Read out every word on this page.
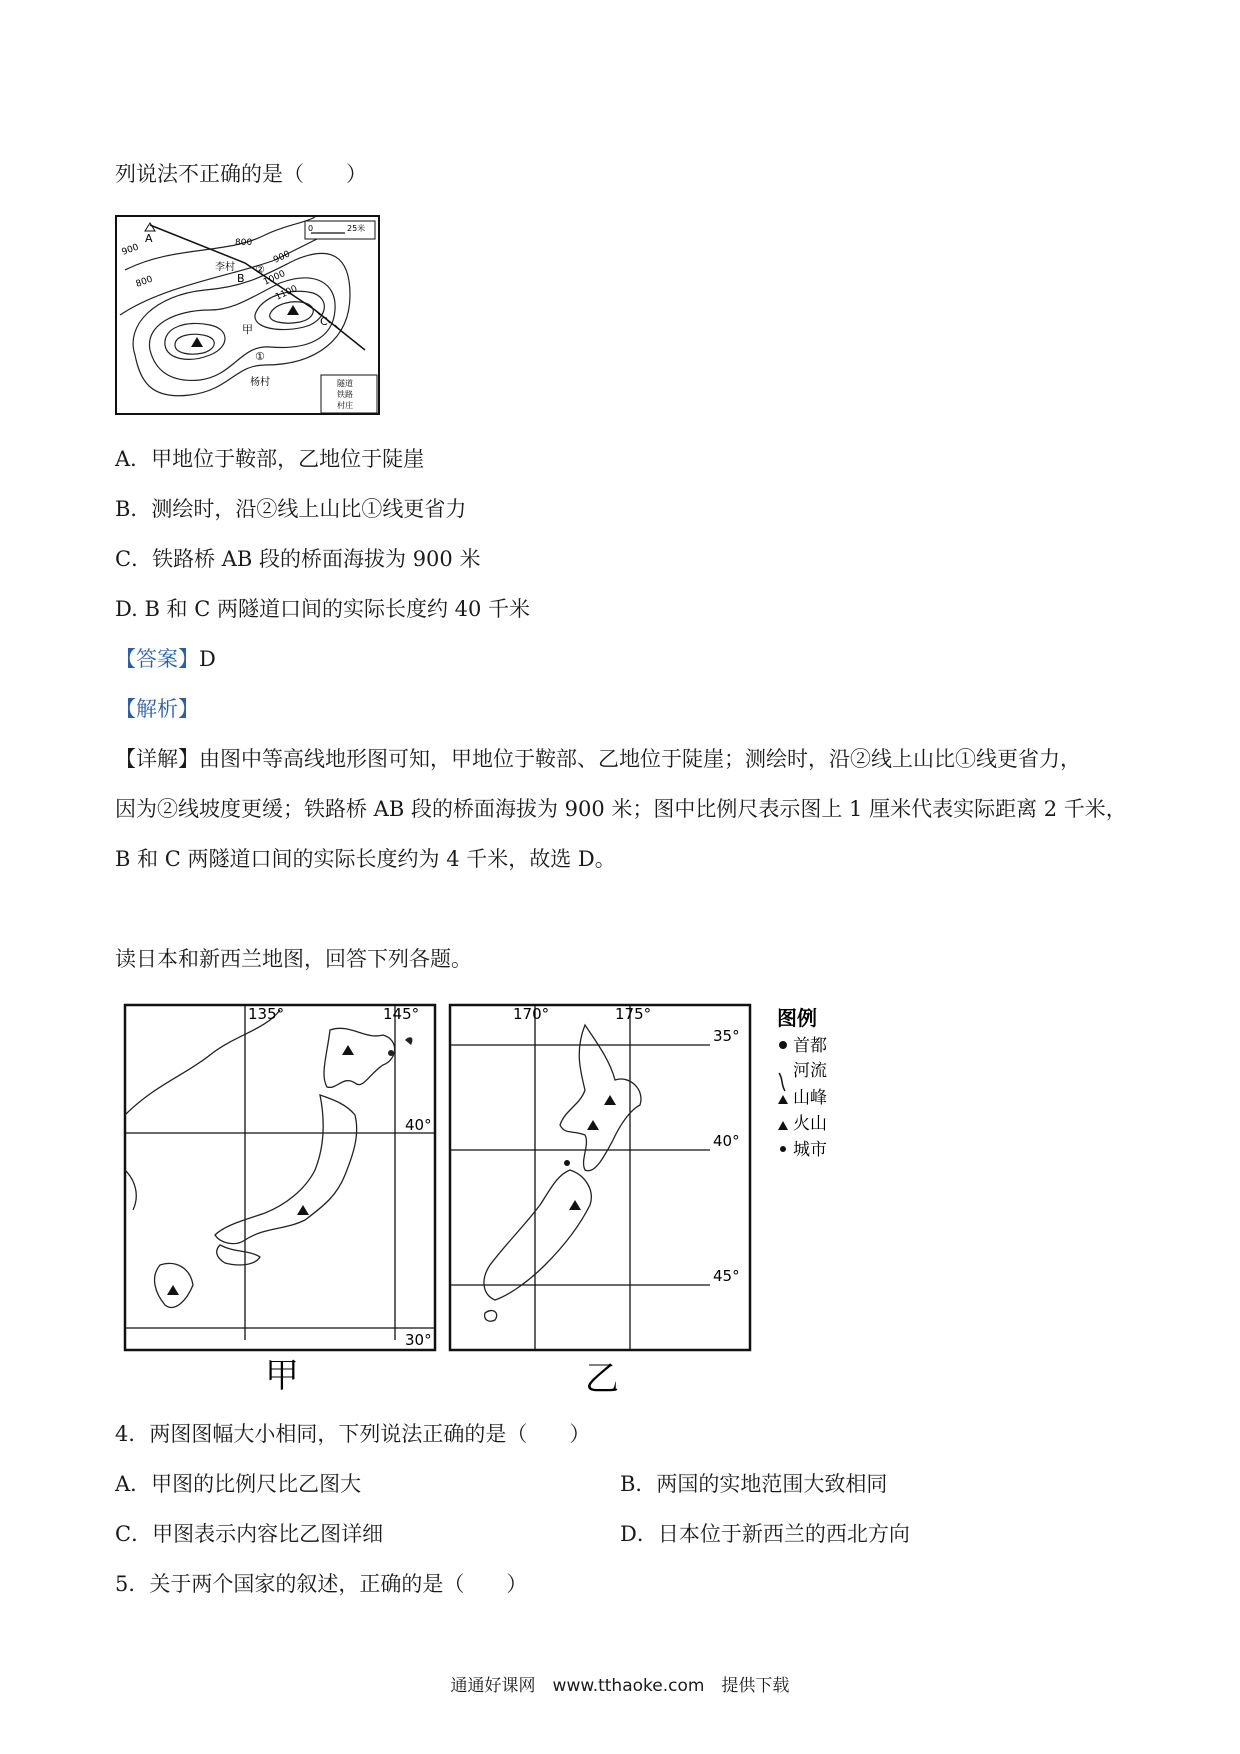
列说法不正确的是（　　）
A
李村
B
②
甲
C
①
杨村
900
800
800
900
1000
1100
0	25米
隧道
铁路
村庄
A．甲地位于鞍部，乙地位于陡崖
B．测绘时，沿②线上山比①线更省力
C．铁路桥 AB 段的桥面海拔为 900 米
D. B 和 C 两隧道口间的实际长度约 40 千米
【答案】D
【解析】
【详解】由图中等高线地形图可知，甲地位于鞍部、乙地位于陡崖；测绘时，沿②线上山比①线更省力，
因为②线坡度更缓；铁路桥 AB 段的桥面海拔为 900 米；图中比例尺表示图上 1 厘米代表实际距离 2 千米，
B 和 C 两隧道口间的实际长度约为 4 千米，故选 D。
读日本和新西兰地图，回答下列各题。
135°	145°
40°
30°
甲
170°	175°
35°
40°
45°
乙
图例
首都
河流
山峰
火山
城市
4．两图图幅大小相同，下列说法正确的是（　　）
A．甲图的比例尺比乙图大	B．两国的实地范围大致相同
C．甲图表示内容比乙图详细	D．日本位于新西兰的西北方向
5．关于两个国家的叙述，正确的是（　　）
通通好课网　www.tthaoke.com　提供下载
